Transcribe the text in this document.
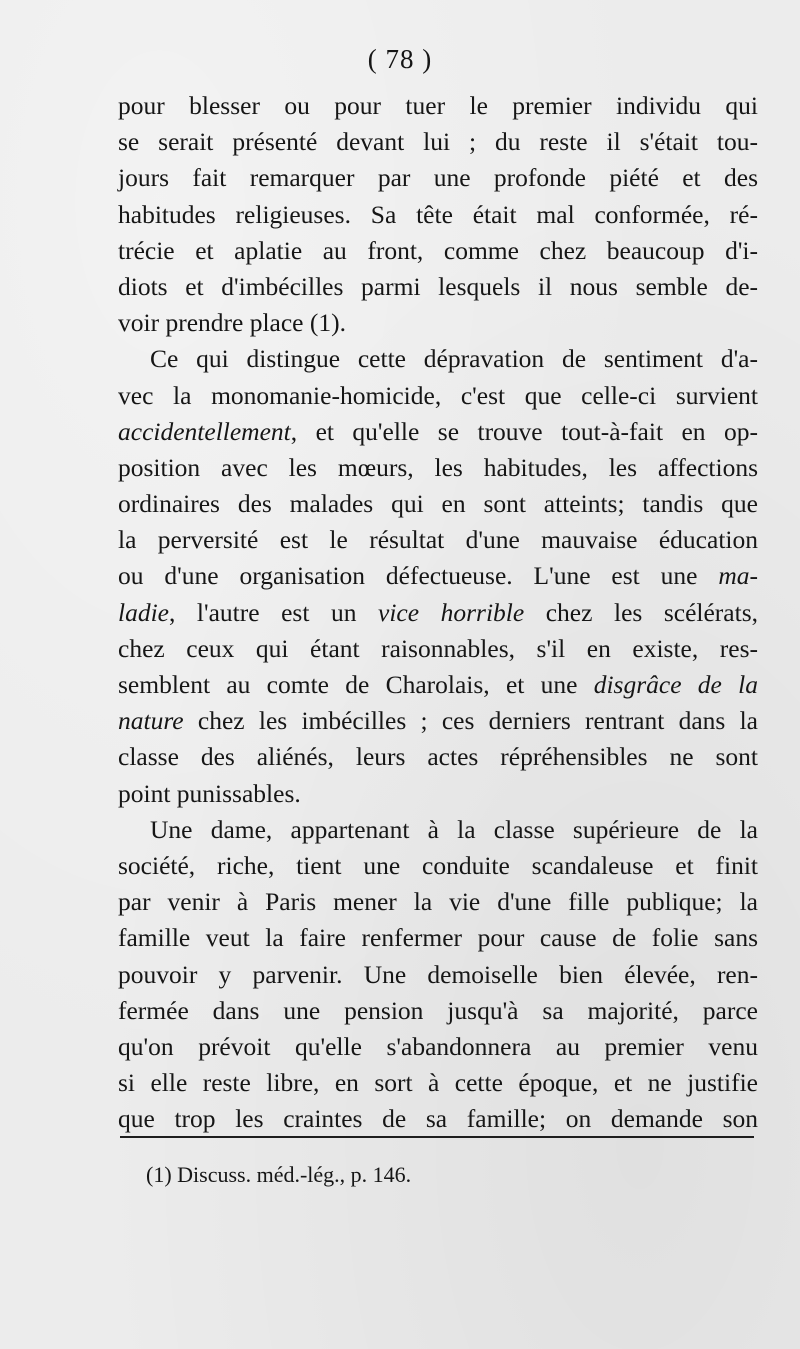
( 78 )
pour blesser ou pour tuer le premier individu qui
se serait présenté devant lui ; du reste il s'était tou-
jours fait remarquer par une profonde piété et des
habitudes religieuses. Sa tête était mal conformée, ré-
trécie et aplatie au front, comme chez beaucoup d'i-
diots et d'imbécilles parmi lesquels il nous semble de-
voir prendre place (1).
Ce qui distingue cette dépravation de sentiment d'a-
vec la monomanie-homicide, c'est que celle-ci survient
accidentellement, et qu'elle se trouve tout-à-fait en op-
position avec les mœurs, les habitudes, les affections
ordinaires des malades qui en sont atteints; tandis que
la perversité est le résultat d'une mauvaise éducation
ou d'une organisation défectueuse. L'une est une ma-
ladie, l'autre est un vice horrible chez les scélérats,
chez ceux qui étant raisonnables, s'il en existe, res-
semblent au comte de Charolais, et une disgrâce de la
nature chez les imbécilles ; ces derniers rentrant dans la
classe des aliénés, leurs actes répréhensibles ne sont
point punissables.
Une dame, appartenant à la classe supérieure de la
société, riche, tient une conduite scandaleuse et finit
par venir à Paris mener la vie d'une fille publique; la
famille veut la faire renfermer pour cause de folie sans
pouvoir y parvenir. Une demoiselle bien élevée, ren-
fermée dans une pension jusqu'à sa majorité, parce
qu'on prévoit qu'elle s'abandonnera au premier venu
si elle reste libre, en sort à cette époque, et ne justifie
que trop les craintes de sa famille; on demande son
(1) Discuss. méd.-lég., p. 146.
